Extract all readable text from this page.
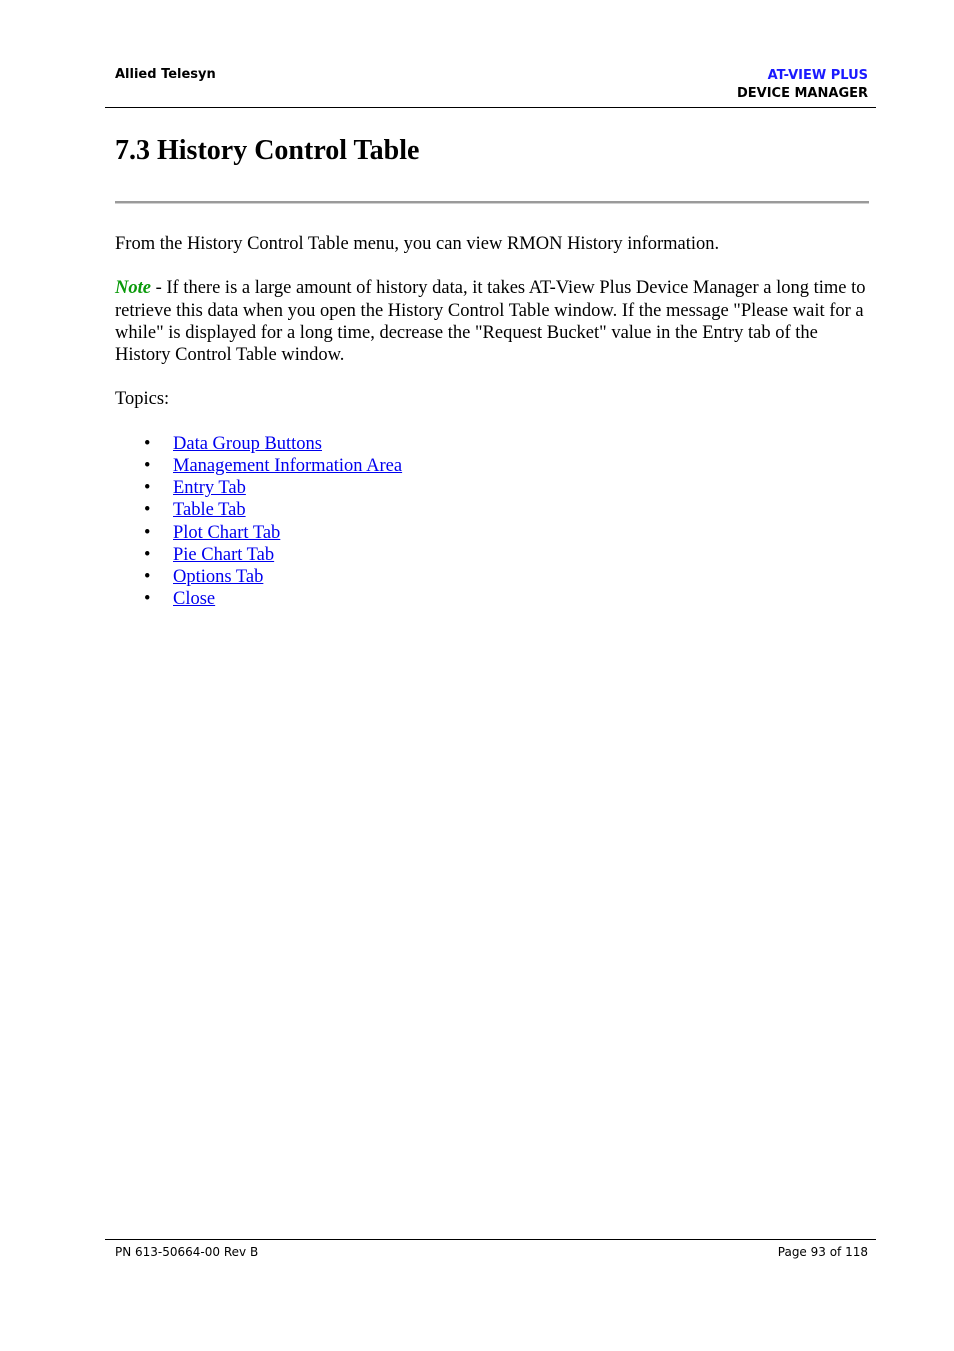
Allied Telesyn	AT-VIEW PLUS
DEVICE MANAGER
7.3 History Control Table

From the History Control Table menu, you can view RMON History information.

Note - If there is a large amount of history data, it takes AT-View Plus Device Manager a long time to retrieve this data when you open the History Control Table window. If the message "Please wait for a while" is displayed for a long time, decrease the "Request Bucket" value in the Entry tab of the History Control Table window.

Topics:

• Data Group Buttons
• Management Information Area
• Entry Tab
• Table Tab
• Plot Chart Tab
• Pie Chart Tab
• Options Tab
• Close
PN 613-50664-00 Rev B	Page 93 of 118
